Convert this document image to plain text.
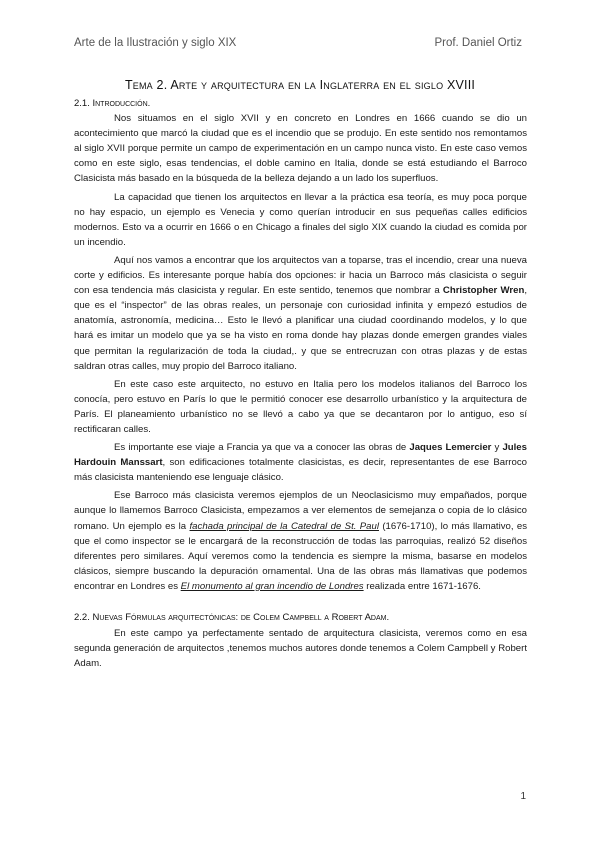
Arte de la Ilustración y siglo XIX	Prof. Daniel Ortiz
Tema 2. Arte y arquitectura en la Inglaterra en el siglo XVIII
2.1. Introducción.

Nos situamos en el siglo XVII y en concreto en Londres en 1666 cuando se dio un acontecimiento que marcó la ciudad que es el incendio que se produjo. En este sentido nos remontamos al siglo XVII porque permite un campo de experimentación en un campo nunca visto. En este caso vemos como en este siglo, esas tendencias, el doble camino en Italia, donde se está estudiando el Barroco Clasicista más basado en la búsqueda de la belleza dejando a un lado los superfluos.

La capacidad que tienen los arquitectos en llevar a la práctica esa teoría, es muy poca porque no hay espacio, un ejemplo es Venecia y como querían introducir en sus pequeñas calles edificios modernos. Esto va a ocurrir en 1666 o en Chicago a finales del siglo XIX cuando la ciudad es comida por un incendio.

Aquí nos vamos a encontrar que los arquitectos van a toparse, tras el incendio, crear una nueva corte y edificios. Es interesante porque había dos opciones: ir hacia un Barroco más clasicista o seguir con esa tendencia más clasicista y regular. En este sentido, tenemos que nombrar a Christopher Wren, que es el “inspector” de las obras reales, un personaje con curiosidad infinita y empezó estudios de anatomía, astronomía, medicina… Esto le llevó a planificar una ciudad coordinando modelos, y lo que hará es imitar un modelo que ya se ha visto en roma donde hay plazas donde emergen grandes viales que permitan la regularización de toda la ciudad,. y que se entrecruzan con otras plazas y de estas saldran otras calles, muy propio del Barroco italiano.

En este caso este arquitecto, no estuvo en Italia pero los modelos italianos del Barroco los conocía, pero estuvo en París lo que le permitió conocer ese desarrollo urbanístico y la arquitectura de París. El planeamiento urbanístico no se llevó a cabo ya que se decantaron por lo antiguo, eso sí rectificaran calles.

Es importante ese viaje a Francia ya que va a conocer las obras de Jaques Lemercier y Jules Hardouin Manssart, son edificaciones totalmente clasicistas, es decir, representantes de ese Barroco más clasicista manteniendo ese lenguaje clásico.

Ese Barroco más clasicista veremos ejemplos de un Neoclasicismo muy empañados, porque aunque lo llamemos Barroco Clasicista, empezamos a ver elementos de semejanza o copia de lo clásico romano. Un ejemplo es la fachada principal de la Catedral de St. Paul (1676-1710), lo más llamativo, es que el como inspector se le encargará de la reconstrucción de todas las parroquias, realizó 52 diseños diferentes pero similares. Aquí veremos como la tendencia es siempre la misma, basarse en modelos clásicos, siempre buscando la depuración ornamental. Una de las obras más llamativas que podemos encontrar en Londres es El monumento al gran incendio de Londres realizada entre 1671-1676.

2.2. Nuevas Fórmulas arquitectónicas: de Colem Campbell a Robert Adam.

En este campo ya perfectamente sentado de arquitectura clasicista, veremos como en esa segunda generación de arquitectos ,tenemos muchos autores donde tenemos a Colem Campbell y Robert Adam.

1
